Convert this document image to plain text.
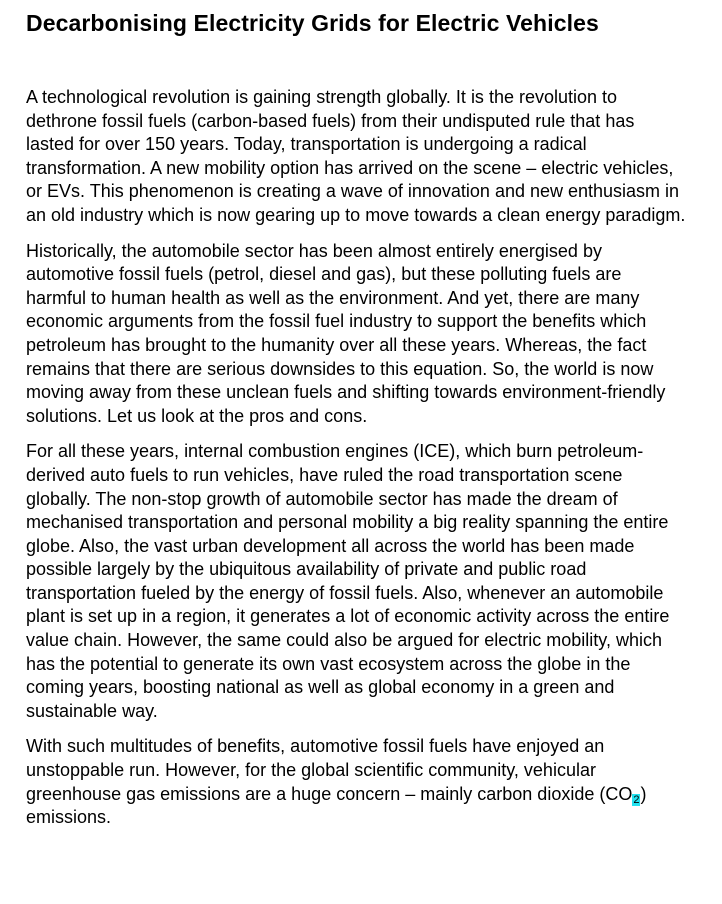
Decarbonising Electricity Grids for Electric Vehicles

A technological revolution is gaining strength globally. It is the revolution to dethrone fossil fuels (carbon-based fuels) from their undisputed rule that has lasted for over 150 years. Today, transportation is undergoing a radical transformation. A new mobility option has arrived on the scene – electric vehicles, or EVs. This phenomenon is creating a wave of innovation and new enthusiasm in an old industry which is now gearing up to move towards a clean energy paradigm.

Historically, the automobile sector has been almost entirely energised by automotive fossil fuels (petrol, diesel and gas), but these polluting fuels are harmful to human health as well as the environment. And yet, there are many economic arguments from the fossil fuel industry to support the benefits which petroleum has brought to the humanity over all these years. Whereas, the fact remains that there are serious downsides to this equation. So, the world is now moving away from these unclean fuels and shifting towards environment-friendly solutions. Let us look at the pros and cons.

For all these years, internal combustion engines (ICE), which burn petroleum-derived auto fuels to run vehicles, have ruled the road transportation scene globally. The non-stop growth of automobile sector has made the dream of mechanised transportation and personal mobility a big reality spanning the entire globe. Also, the vast urban development all across the world has been made possible largely by the ubiquitous availability of private and public road transportation fueled by the energy of fossil fuels. Also, whenever an automobile plant is set up in a region, it generates a lot of economic activity across the entire value chain. However, the same could also be argued for electric mobility, which has the potential to generate its own vast ecosystem across the globe in the coming years, boosting national as well as global economy in a green and sustainable way.

With such multitudes of benefits, automotive fossil fuels have enjoyed an unstoppable run. However, for the global scientific community, vehicular greenhouse gas emissions are a huge concern – mainly carbon dioxide $(CO_2)$ emissions.
